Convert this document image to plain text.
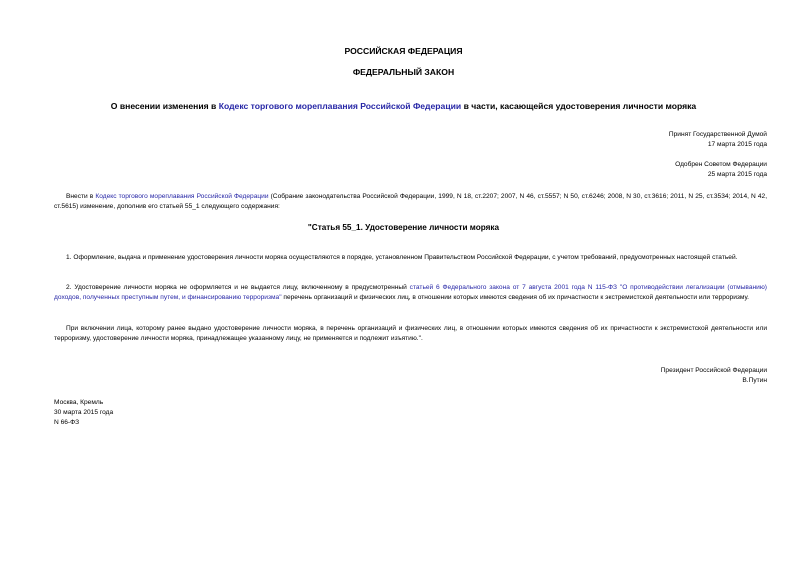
РОССИЙСКАЯ ФЕДЕРАЦИЯ
ФЕДЕРАЛЬНЫЙ ЗАКОН
О внесении изменения в Кодекс торгового мореплавания Российской Федерации в части, касающейся удостоверения личности моряка
Принят Государственной Думой
17 марта 2015 года
Одобрен Советом Федерации
25 марта 2015 года
Внести в Кодекс торгового мореплавания Российской Федерации (Собрание законодательства Российской Федерации, 1999, N 18, ст.2207; 2007, N 46, ст.5557; N 50, ст.6246; 2008, N 30, ст.3616; 2011, N 25, ст.3534; 2014, N 42, ст.5615) изменение, дополнив его статьей 55_1 следующего содержания:
"Статья 55_1. Удостоверение личности моряка
1. Оформление, выдача и применение удостоверения личности моряка осуществляются в порядке, установленном Правительством Российской Федерации, с учетом требований, предусмотренных настоящей статьей.
2. Удостоверение личности моряка не оформляется и не выдается лицу, включенному в предусмотренный статьей 6 Федерального закона от 7 августа 2001 года N 115-ФЗ "О противодействии легализации (отмыванию) доходов, полученных преступным путем, и финансированию терроризма" перечень организаций и физических лиц, в отношении которых имеются сведения об их причастности к экстремистской деятельности или терроризму.
При включении лица, которому ранее выдано удостоверение личности моряка, в перечень организаций и физических лиц, в отношении которых имеются сведения об их причастности к экстремистской деятельности или терроризму, удостоверение личности моряка, принадлежащее указанному лицу, не применяется и подлежит изъятию.".
Президент Российской Федерации
В.Путин
Москва, Кремль
30 марта 2015 года
N 66-ФЗ
